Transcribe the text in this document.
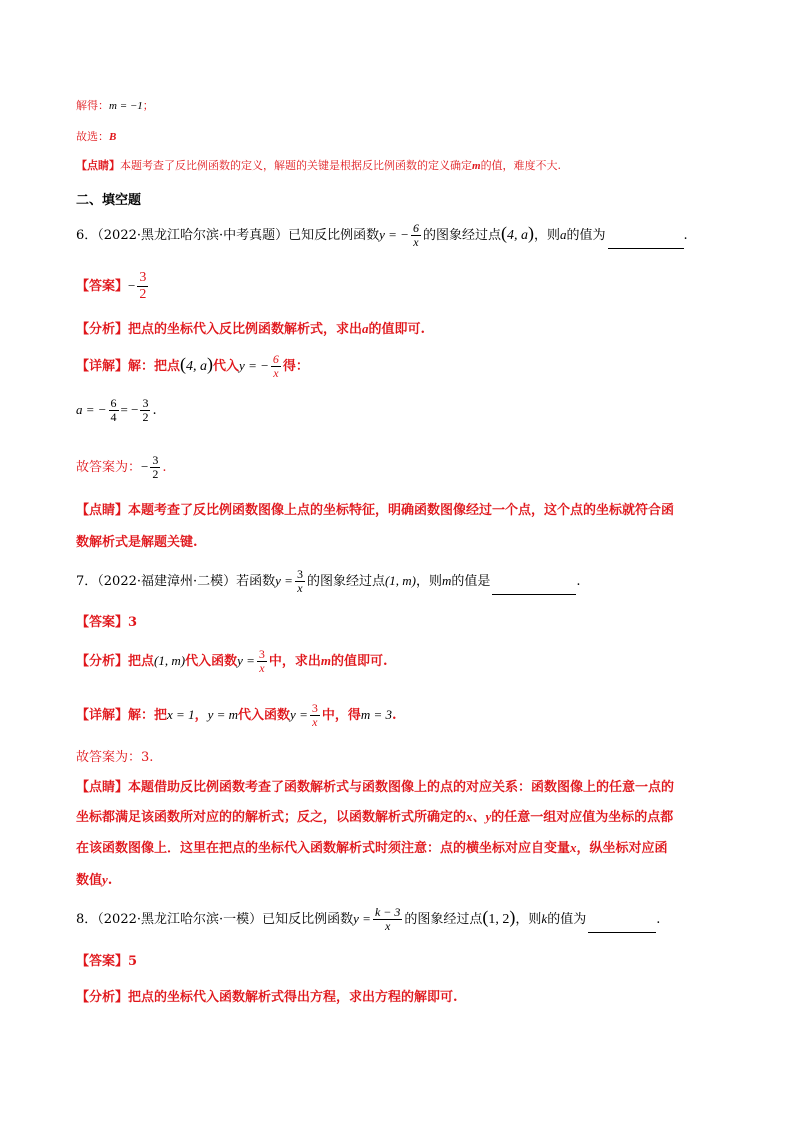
解得：m = −1；
故选：B
【点睛】本题考查了反比例函数的定义，解题的关键是根据反比例函数的定义确定m的值，难度不大.
二、填空题
6．（2022·黑龙江哈尔滨·中考真题）已知反比例函数y = − $\frac{6}{x}$ 的图象经过点(4, a)，则a的值为	.
【答案】− $\frac{3}{2}$
【分析】把点的坐标代入反比例函数解析式，求出a的值即可.
【详解】解：把点(4, a)代入y = − $\frac{6}{x}$ 得：
a = − $\frac{6}{4}$ = − $\frac{3}{2}$ .
故答案为：− $\frac{3}{2}$ .
【点睛】本题考查了反比例函数图像上点的坐标特征，明确函数图像经过一个点，这个点的坐标就符合函
数解析式是解题关键.
7．（2022·福建漳州·二模）若函数$y = \frac{3}{x}$ 的图象经过点(1, m)，则m的值是	.
【答案】3
【分析】把点(1, m)代入函数$y = \frac{3}{x}$ 中，求出m的值即可.
【详解】解：把x = 1，y = m代入函数$y = \frac{3}{x}$ 中，得m = 3.
故答案为：3.
【点睛】本题借助反比例函数考查了函数解析式与函数图像上的点的对应关系：函数图像上的任意一点的
坐标都满足该函数所对应的的解析式；反之，以函数解析式所确定的x、y的任意一组对应值为坐标的点都
在该函数图像上．这里在把点的坐标代入函数解析式时须注意：点的横坐标对应自变量x，纵坐标对应函
数值y.
8．（2022·黑龙江哈尔滨·一模）已知反比例函数$y = \frac{k - 3}{x}$ 的图象经过点(1, 2)，则k的值为	.
【答案】5
【分析】把点的坐标代入函数解析式得出方程，求出方程的解即可.
